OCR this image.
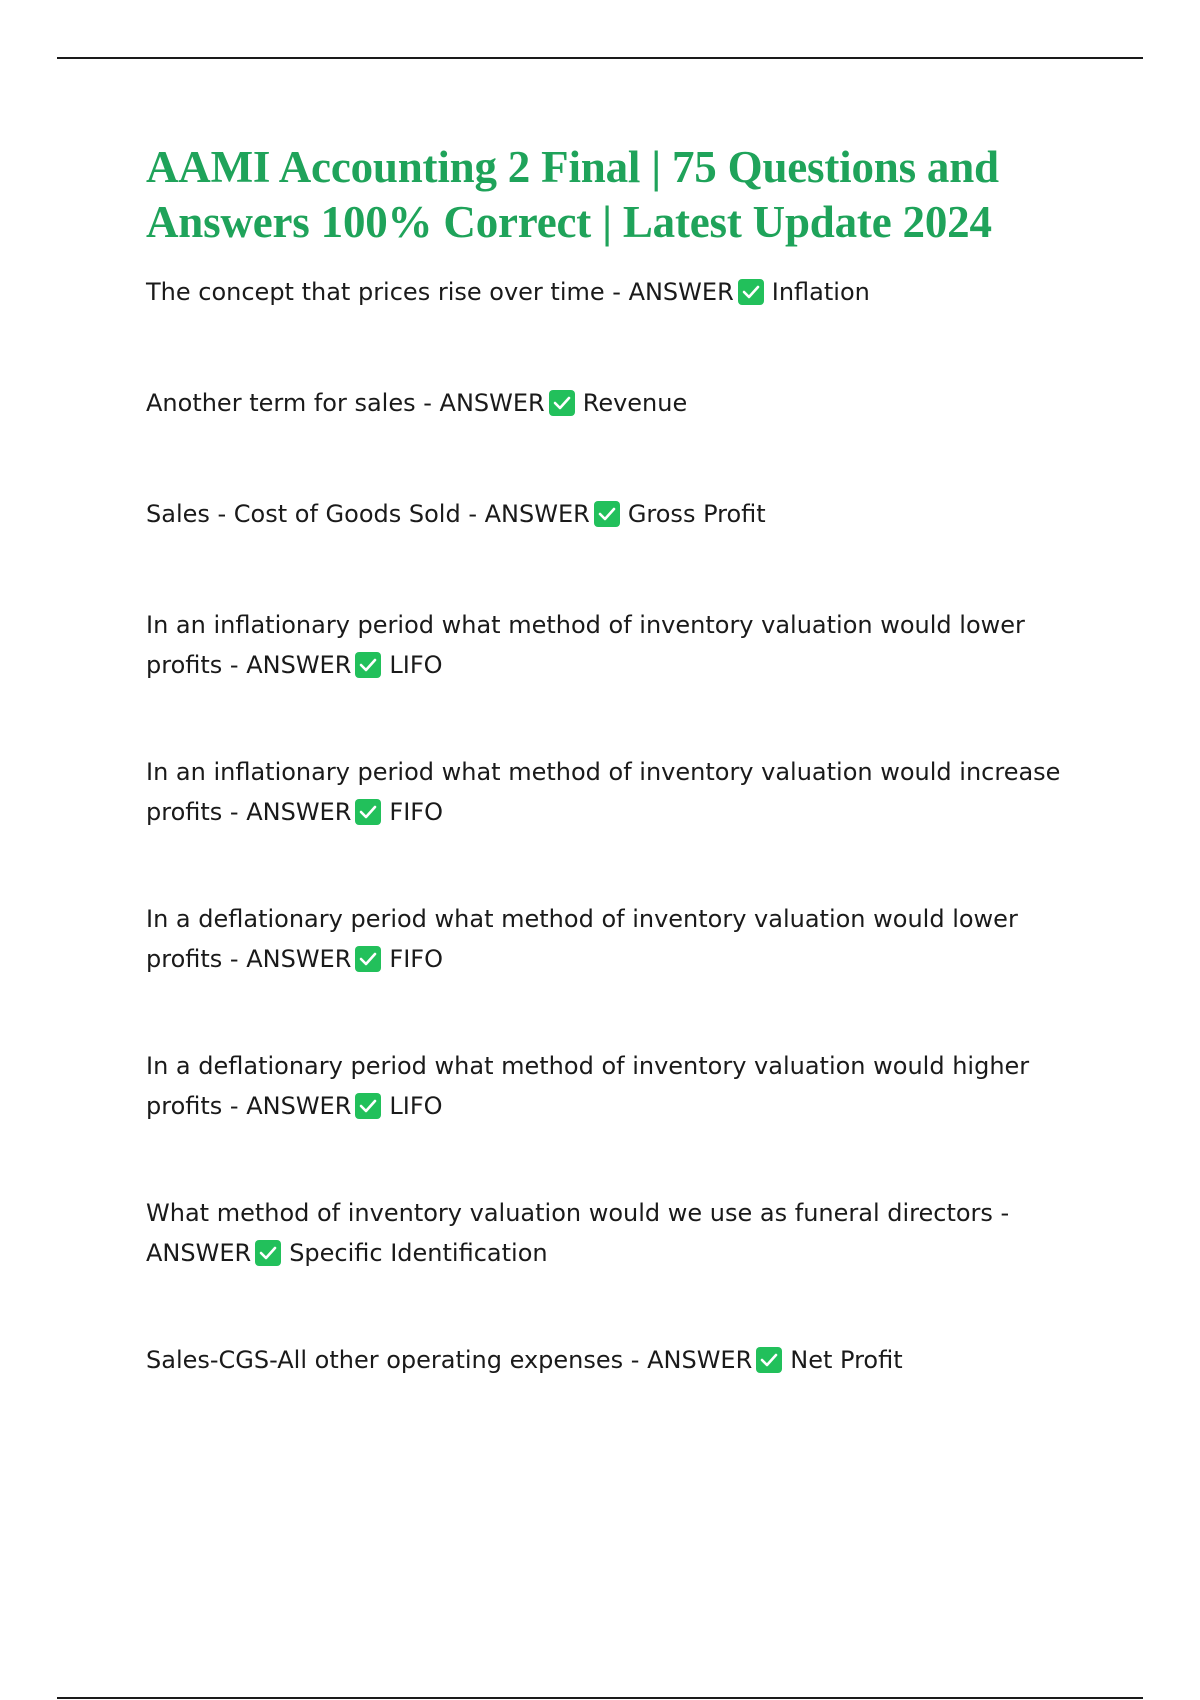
AAMI Accounting 2 Final | 75 Questions and Answers 100% Correct | Latest Update 2024

The concept that prices rise over time - ANSWER Inflation

Another term for sales - ANSWER Revenue

Sales - Cost of Goods Sold - ANSWER Gross Profit

In an inflationary period what method of inventory valuation would lower profits - ANSWER LIFO

In an inflationary period what method of inventory valuation would increase profits - ANSWER FIFO

In a deflationary period what method of inventory valuation would lower profits - ANSWER FIFO

In a deflationary period what method of inventory valuation would higher profits - ANSWER LIFO

What method of inventory valuation would we use as funeral directors - ANSWER Specific Identification

Sales-CGS-All other operating expenses - ANSWER Net Profit
